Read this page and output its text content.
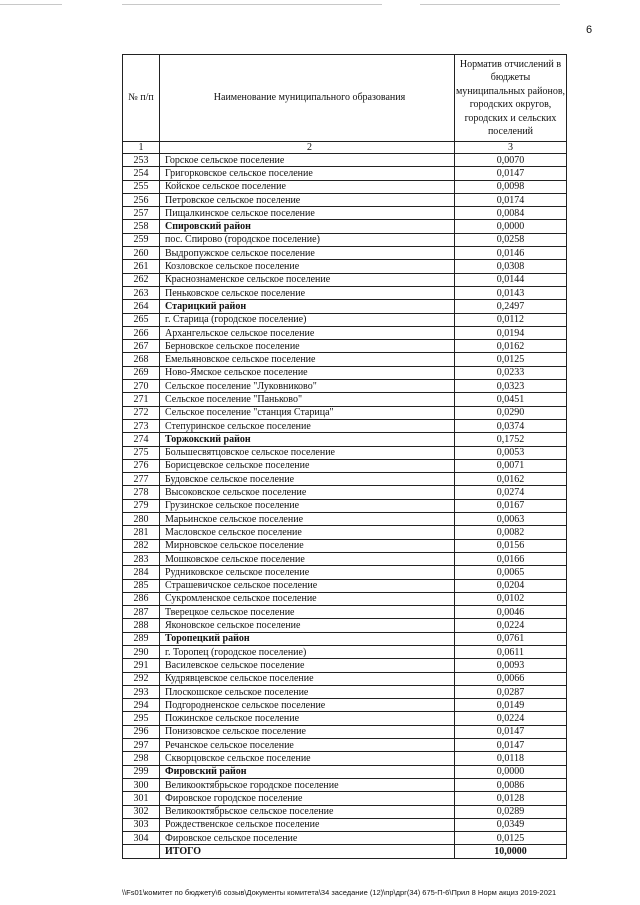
6
№ п/п	Наименование муниципального образования	Норматив отчислений в бюджеты муниципальных районов, городских округов, городских и сельских поселений
1	2	3
253	Горское сельское поселение	0,0070
254	Григорковское сельское поселение	0,0147
255	Койское сельское поселение	0,0098
256	Петровское сельское поселение	0,0174
257	Пищалкинское сельское поселение	0,0084
258	Спировский район	0,0000
259	пос. Спирово (городское поселение)	0,0258
260	Выдропужское сельское поселение	0,0146
261	Козловское сельское поселение	0,0308
262	Краснознаменское сельское поселение	0,0144
263	Пеньковское сельское поселение	0,0143
264	Старицкий район	0,2497
265	г. Старица (городское поселение)	0,0112
266	Архангельское сельское поселение	0,0194
267	Берновское сельское поселение	0,0162
268	Емельяновское сельское поселение	0,0125
269	Ново-Ямское сельское поселение	0,0233
270	Сельское поселение "Луковниково"	0,0323
271	Сельское поселение "Паньково"	0,0451
272	Сельское поселение "станция Старица"	0,0290
273	Степуринское сельское поселение	0,0374
274	Торжокский район	0,1752
275	Большесвятцовское сельское поселение	0,0053
276	Борисцевское сельское поселение	0,0071
277	Будовское сельское поселение	0,0162
278	Высоковское сельское поселение	0,0274
279	Грузинское сельское поселение	0,0167
280	Марьинское сельское поселение	0,0063
281	Масловское сельское поселение	0,0082
282	Мирновское сельское поселение	0,0156
283	Мошковское сельское поселение	0,0166
284	Рудниковское сельское поселение	0,0065
285	Страшевичское сельское поселение	0,0204
286	Сукромленское сельское поселение	0,0102
287	Тверецкое сельское поселение	0,0046
288	Яконовское сельское поселение	0,0224
289	Торопецкий район	0,0761
290	г. Торопец (городское поселение)	0,0611
291	Василевское сельское поселение	0,0093
292	Кудрявцевское сельское поселение	0,0066
293	Плоскошское сельское поселение	0,0287
294	Подгородненское сельское поселение	0,0149
295	Пожинское сельское поселение	0,0224
296	Понизовское сельское поселение	0,0147
297	Речанское сельское поселение	0,0147
298	Скворцовское сельское поселение	0,0118
299	Фировский район	0,0000
300	Великооктябрьское городское поселение	0,0086
301	Фировское городское поселение	0,0128
302	Великооктябрьское сельское поселение	0,0289
303	Рождественское сельское поселение	0,0349
304	Фировское сельское поселение	0,0125
	ИТОГО	10,0000
\\Fs01\комитет по бюджету\6 созыв\Документы комитета\34 заседание (12)\пр\дрг(34) 675-П-6\Прил 8 Норм акциз 2019-2021
